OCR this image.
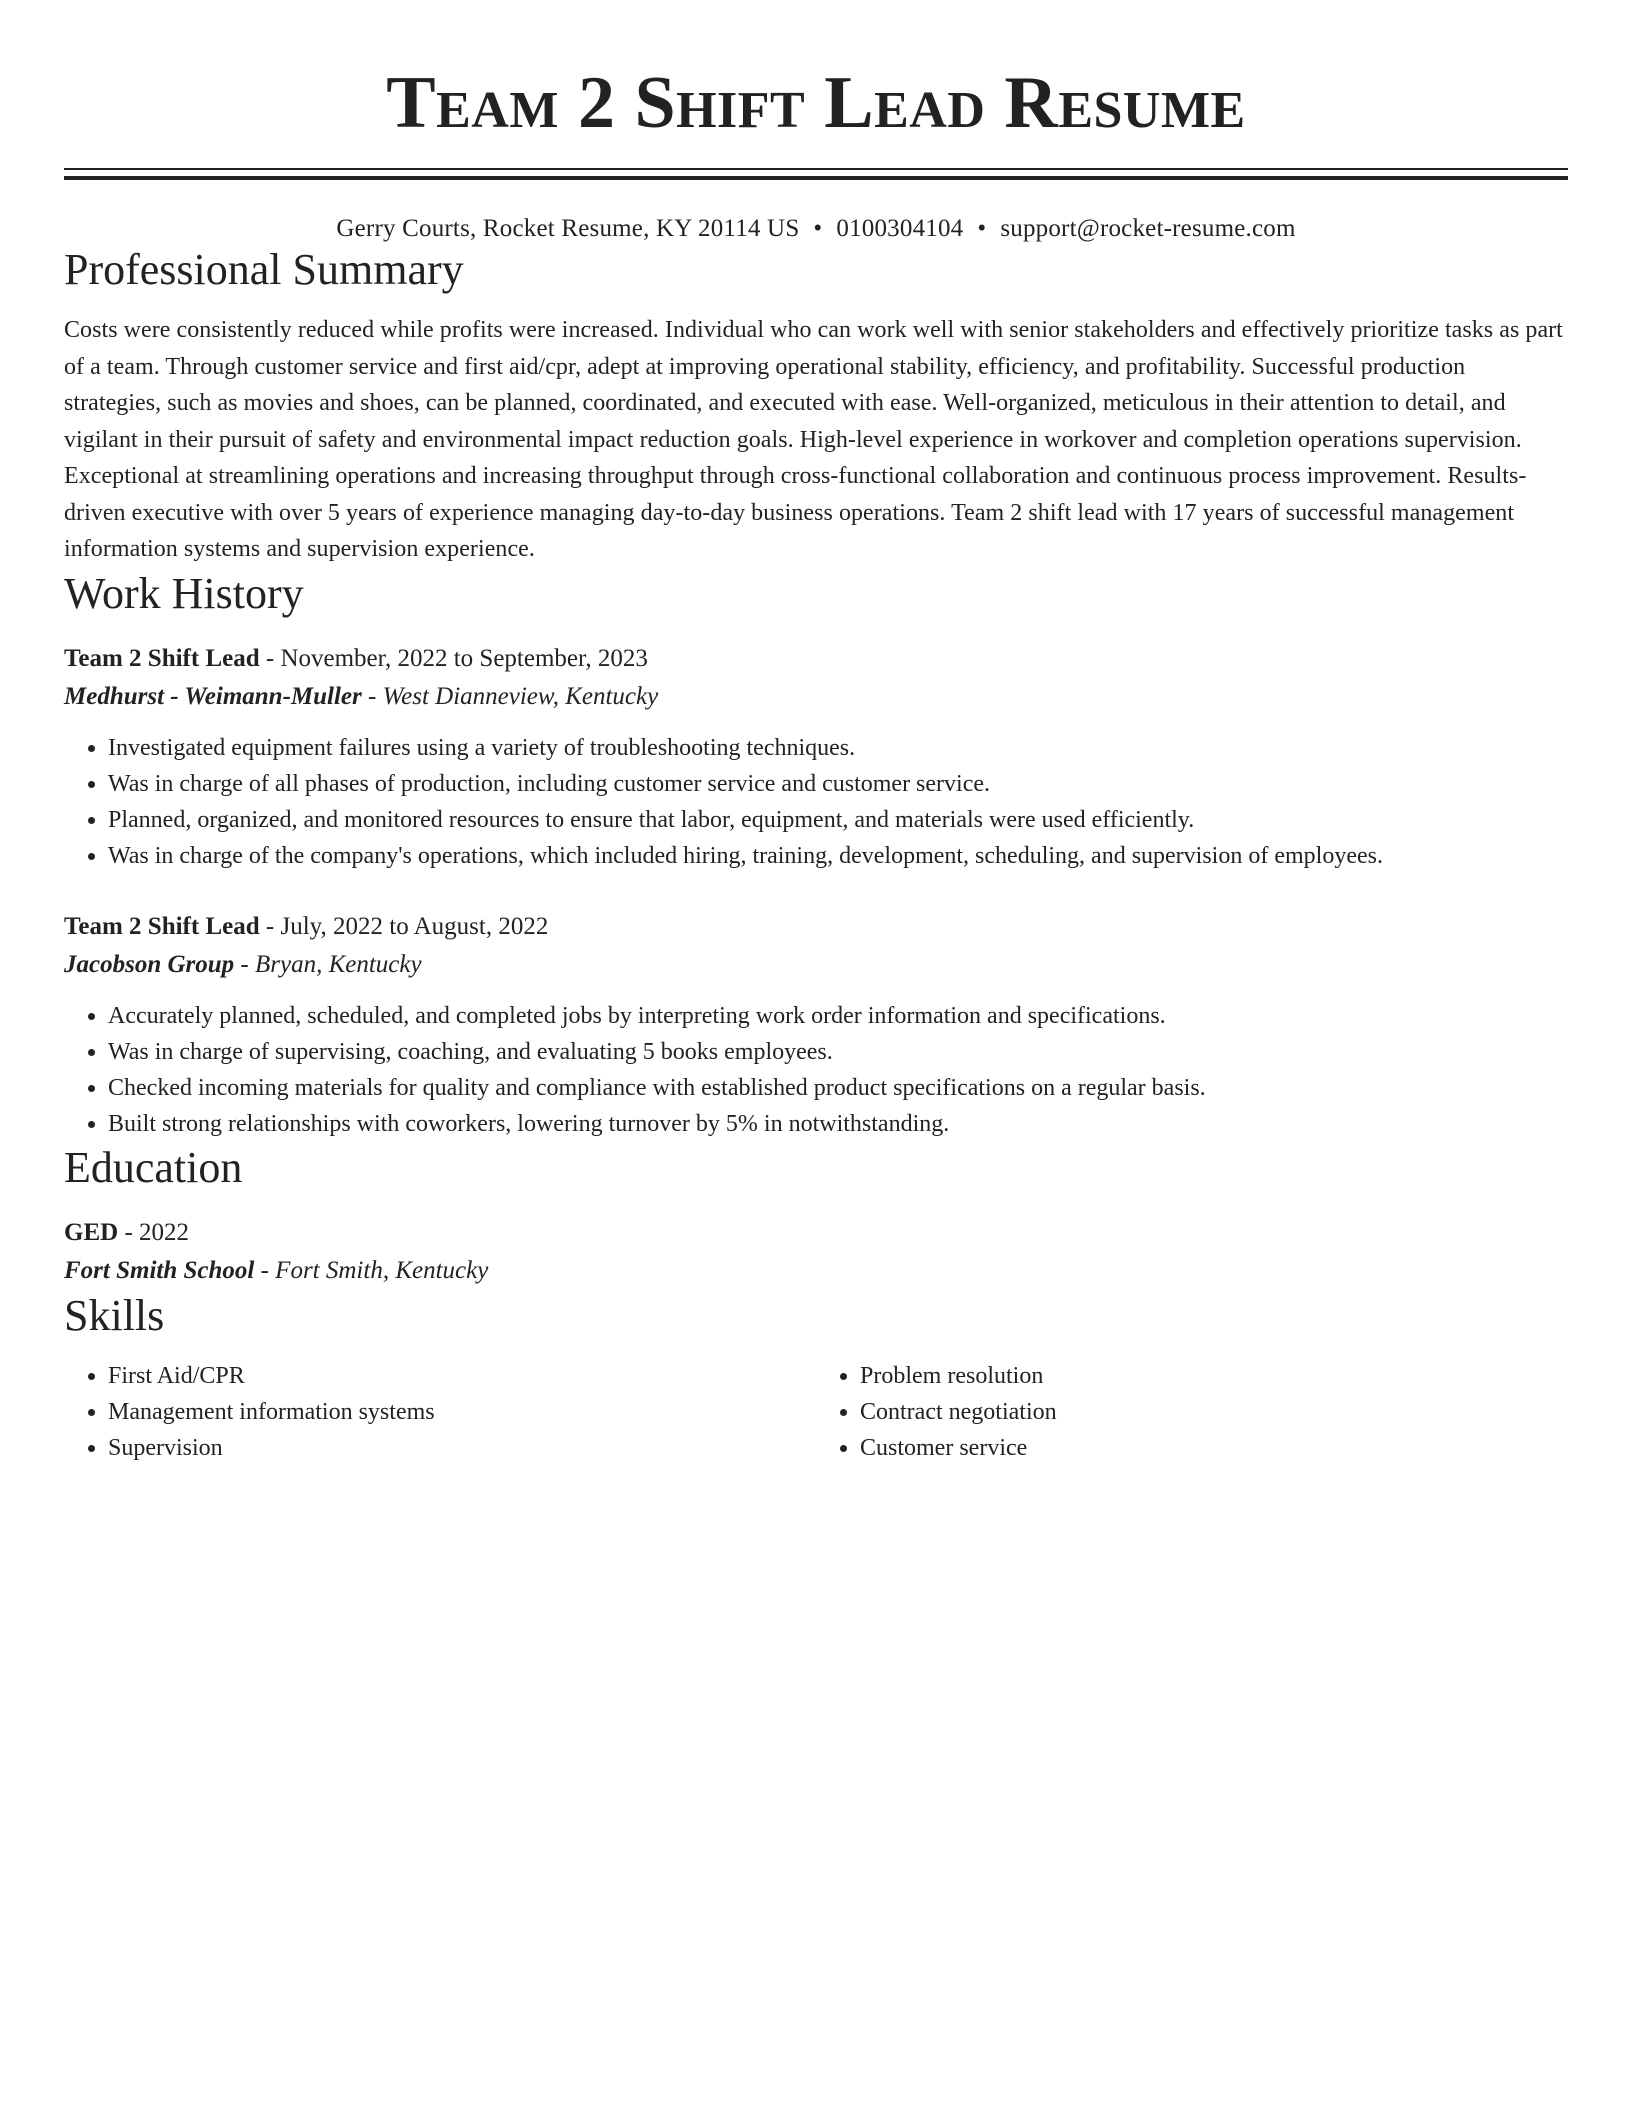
Team 2 Shift Lead Resume
Gerry Courts, Rocket Resume, KY 20114 US • 0100304104 • support@rocket-resume.com
Professional Summary

Costs were consistently reduced while profits were increased. Individual who can work well with senior stakeholders and effectively prioritize tasks as part of a team. Through customer service and first aid/cpr, adept at improving operational stability, efficiency, and profitability. Successful production strategies, such as movies and shoes, can be planned, coordinated, and executed with ease. Well-organized, meticulous in their attention to detail, and vigilant in their pursuit of safety and environmental impact reduction goals. High-level experience in workover and completion operations supervision. Exceptional at streamlining operations and increasing throughput through cross-functional collaboration and continuous process improvement. Results-driven executive with over 5 years of experience managing day-to-day business operations. Team 2 shift lead with 17 years of successful management information systems and supervision experience.

Work History
Team 2 Shift Lead - November, 2022 to September, 2023
Medhurst - Weimann-Muller - West Dianneview, Kentucky
• Investigated equipment failures using a variety of troubleshooting techniques.
• Was in charge of all phases of production, including customer service and customer service.
• Planned, organized, and monitored resources to ensure that labor, equipment, and materials were used efficiently.
• Was in charge of the company's operations, which included hiring, training, development, scheduling, and supervision of employees.
Team 2 Shift Lead - July, 2022 to August, 2022
Jacobson Group - Bryan, Kentucky
• Accurately planned, scheduled, and completed jobs by interpreting work order information and specifications.
• Was in charge of supervising, coaching, and evaluating 5 books employees.
• Checked incoming materials for quality and compliance with established product specifications on a regular basis.
• Built strong relationships with coworkers, lowering turnover by 5% in notwithstanding.
Education
GED - 2022
Fort Smith School - Fort Smith, Kentucky
Skills
• First Aid/CPR
• Management information systems
• Supervision
• Problem resolution
• Contract negotiation
• Customer service
